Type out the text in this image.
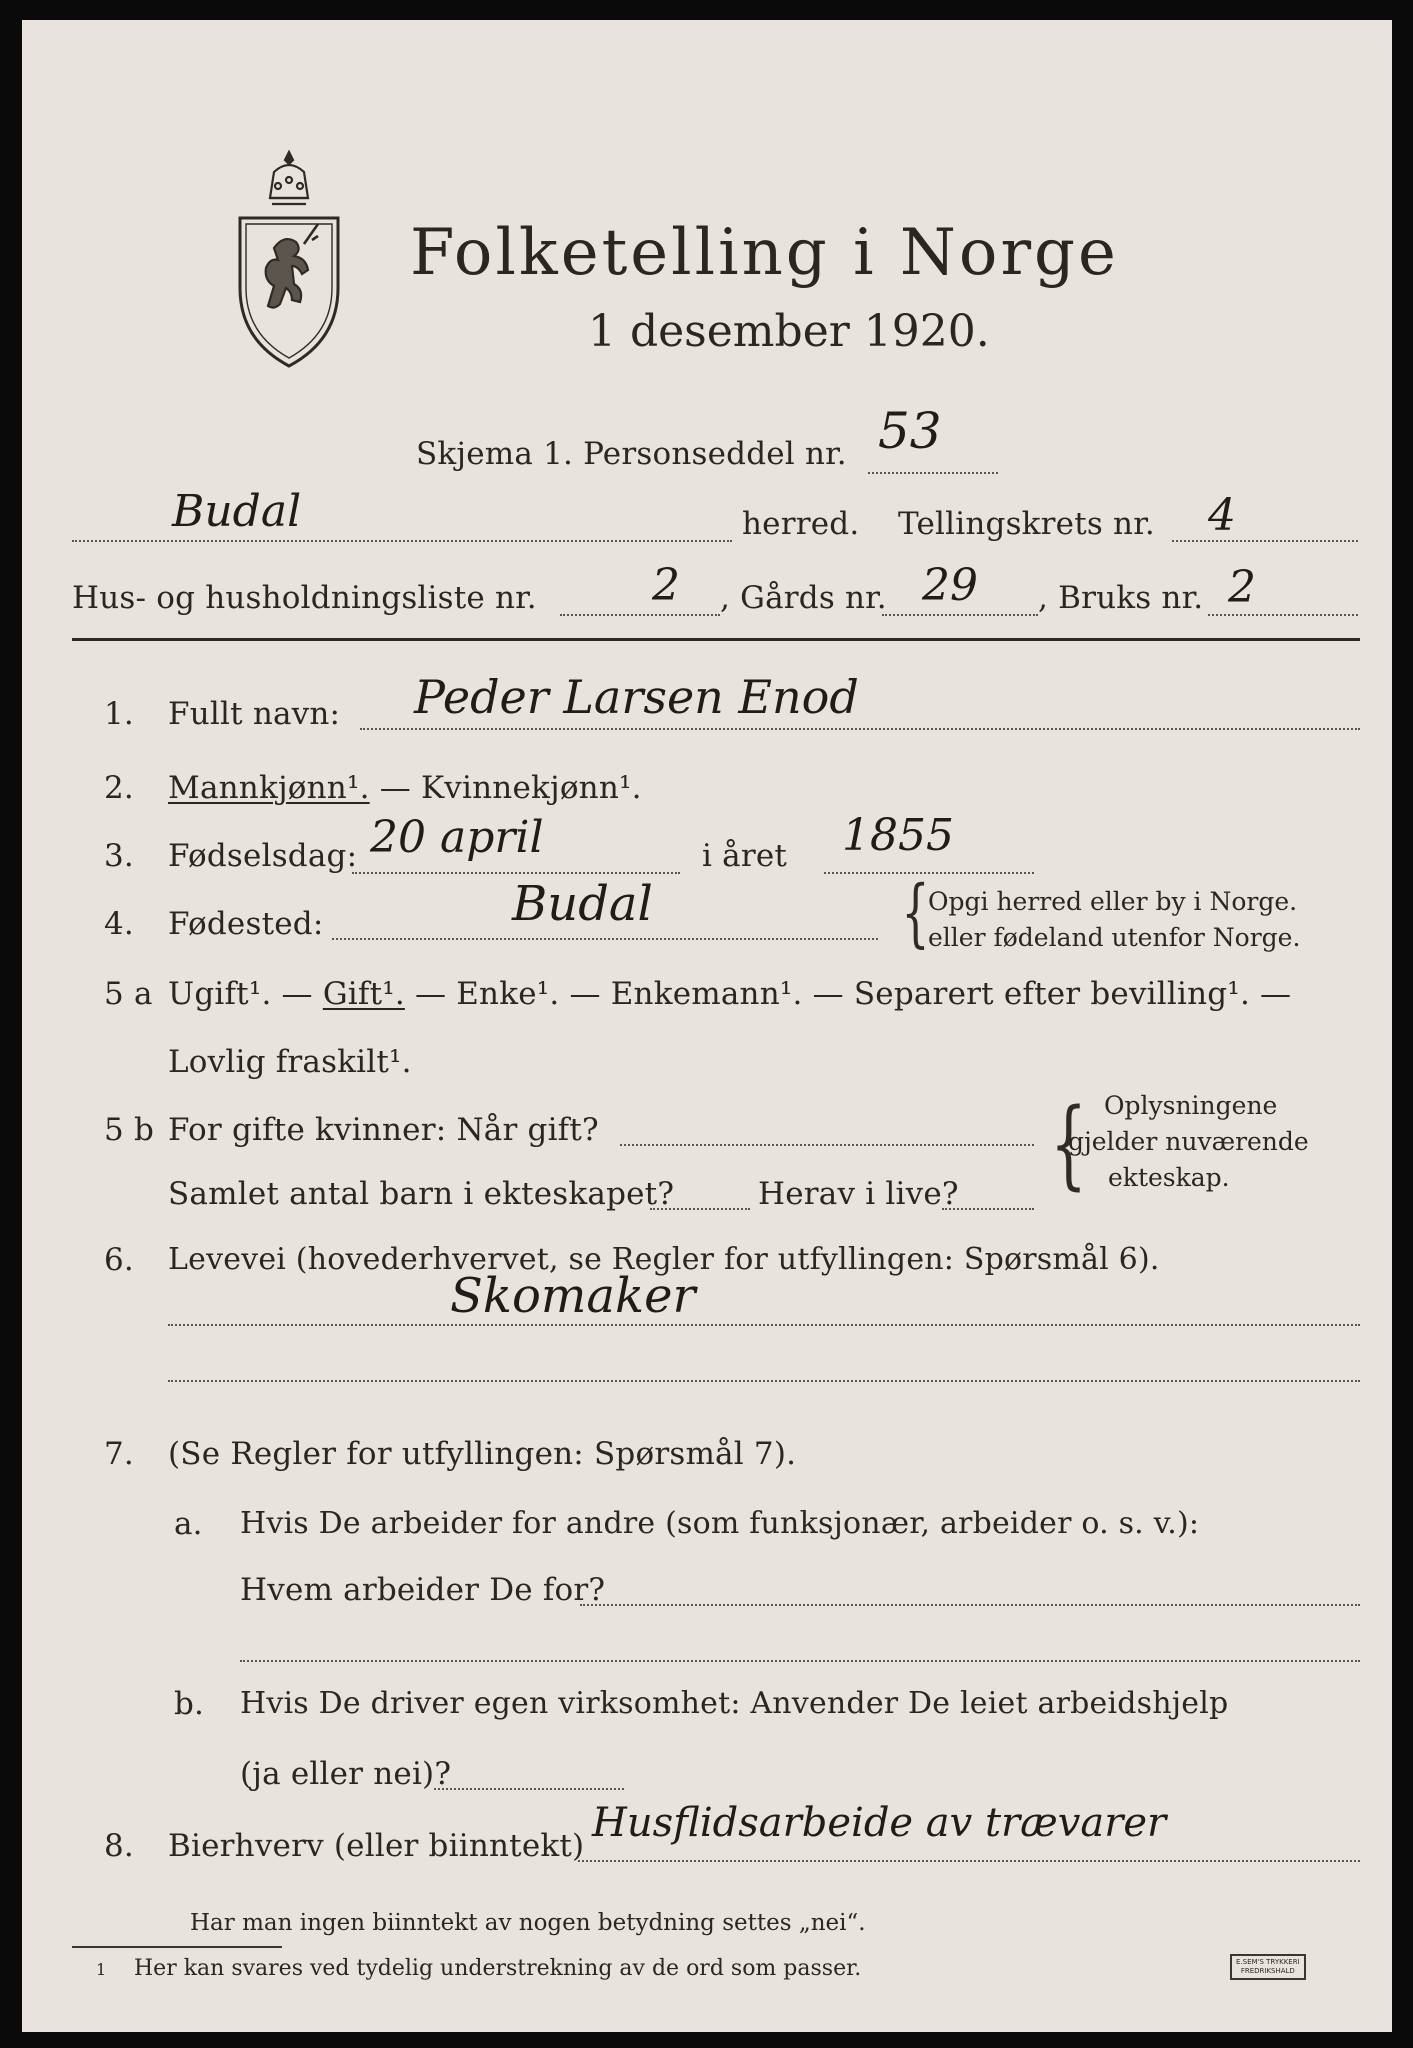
Folketelling i Norge
1 desember 1920.
Skjema 1. Personseddel nr. 53
Budal	herred. Tellingskrets nr. 4
Hus- og husholdningsliste nr.	2 , Gårds nr. 29 , Bruks nr. 2
1. Fullt navn: Peder Larsen Enod
2. Mannkjønn¹. — Kvinnekjønn¹.
3. Fødselsdag: 20 april	i året 1855
4. Fødested:	Budal	{
Opgi herred eller by i Norge.
eller fødeland utenfor Norge.
5 a Ugift¹. — Gift¹. — Enke¹. — Enkemann¹. — Separert efter bevilling¹. —
Lovlig fraskilt¹.
5 b For gifte kvinner: Når gift?
Samlet antal barn i ekteskapet?	Herav i live? { Oplysningene
gjelder nuværende
ekteskap.
6. Levevei (hovederhvervet, se Regler for utfyllingen: Spørsmål 6).
Skomaker
7. (Se Regler for utfyllingen: Spørsmål 7).
a. Hvis De arbeider for andre (som funksjonær, arbeider o. s. v.):
Hvem arbeider De for?
b. Hvis De driver egen virksomhet: Anvender De leiet arbeidshjelp
(ja eller nei)?
8. Bierhverv (eller biinntekt) Husflidsarbeide av trævarer
Har man ingen biinntekt av nogen betydning settes „nei“.
1 Her kan svares ved tydelig understrekning av de ord som passer.	E.SEM'S TRYKKERI
FREDRIKSHALD
